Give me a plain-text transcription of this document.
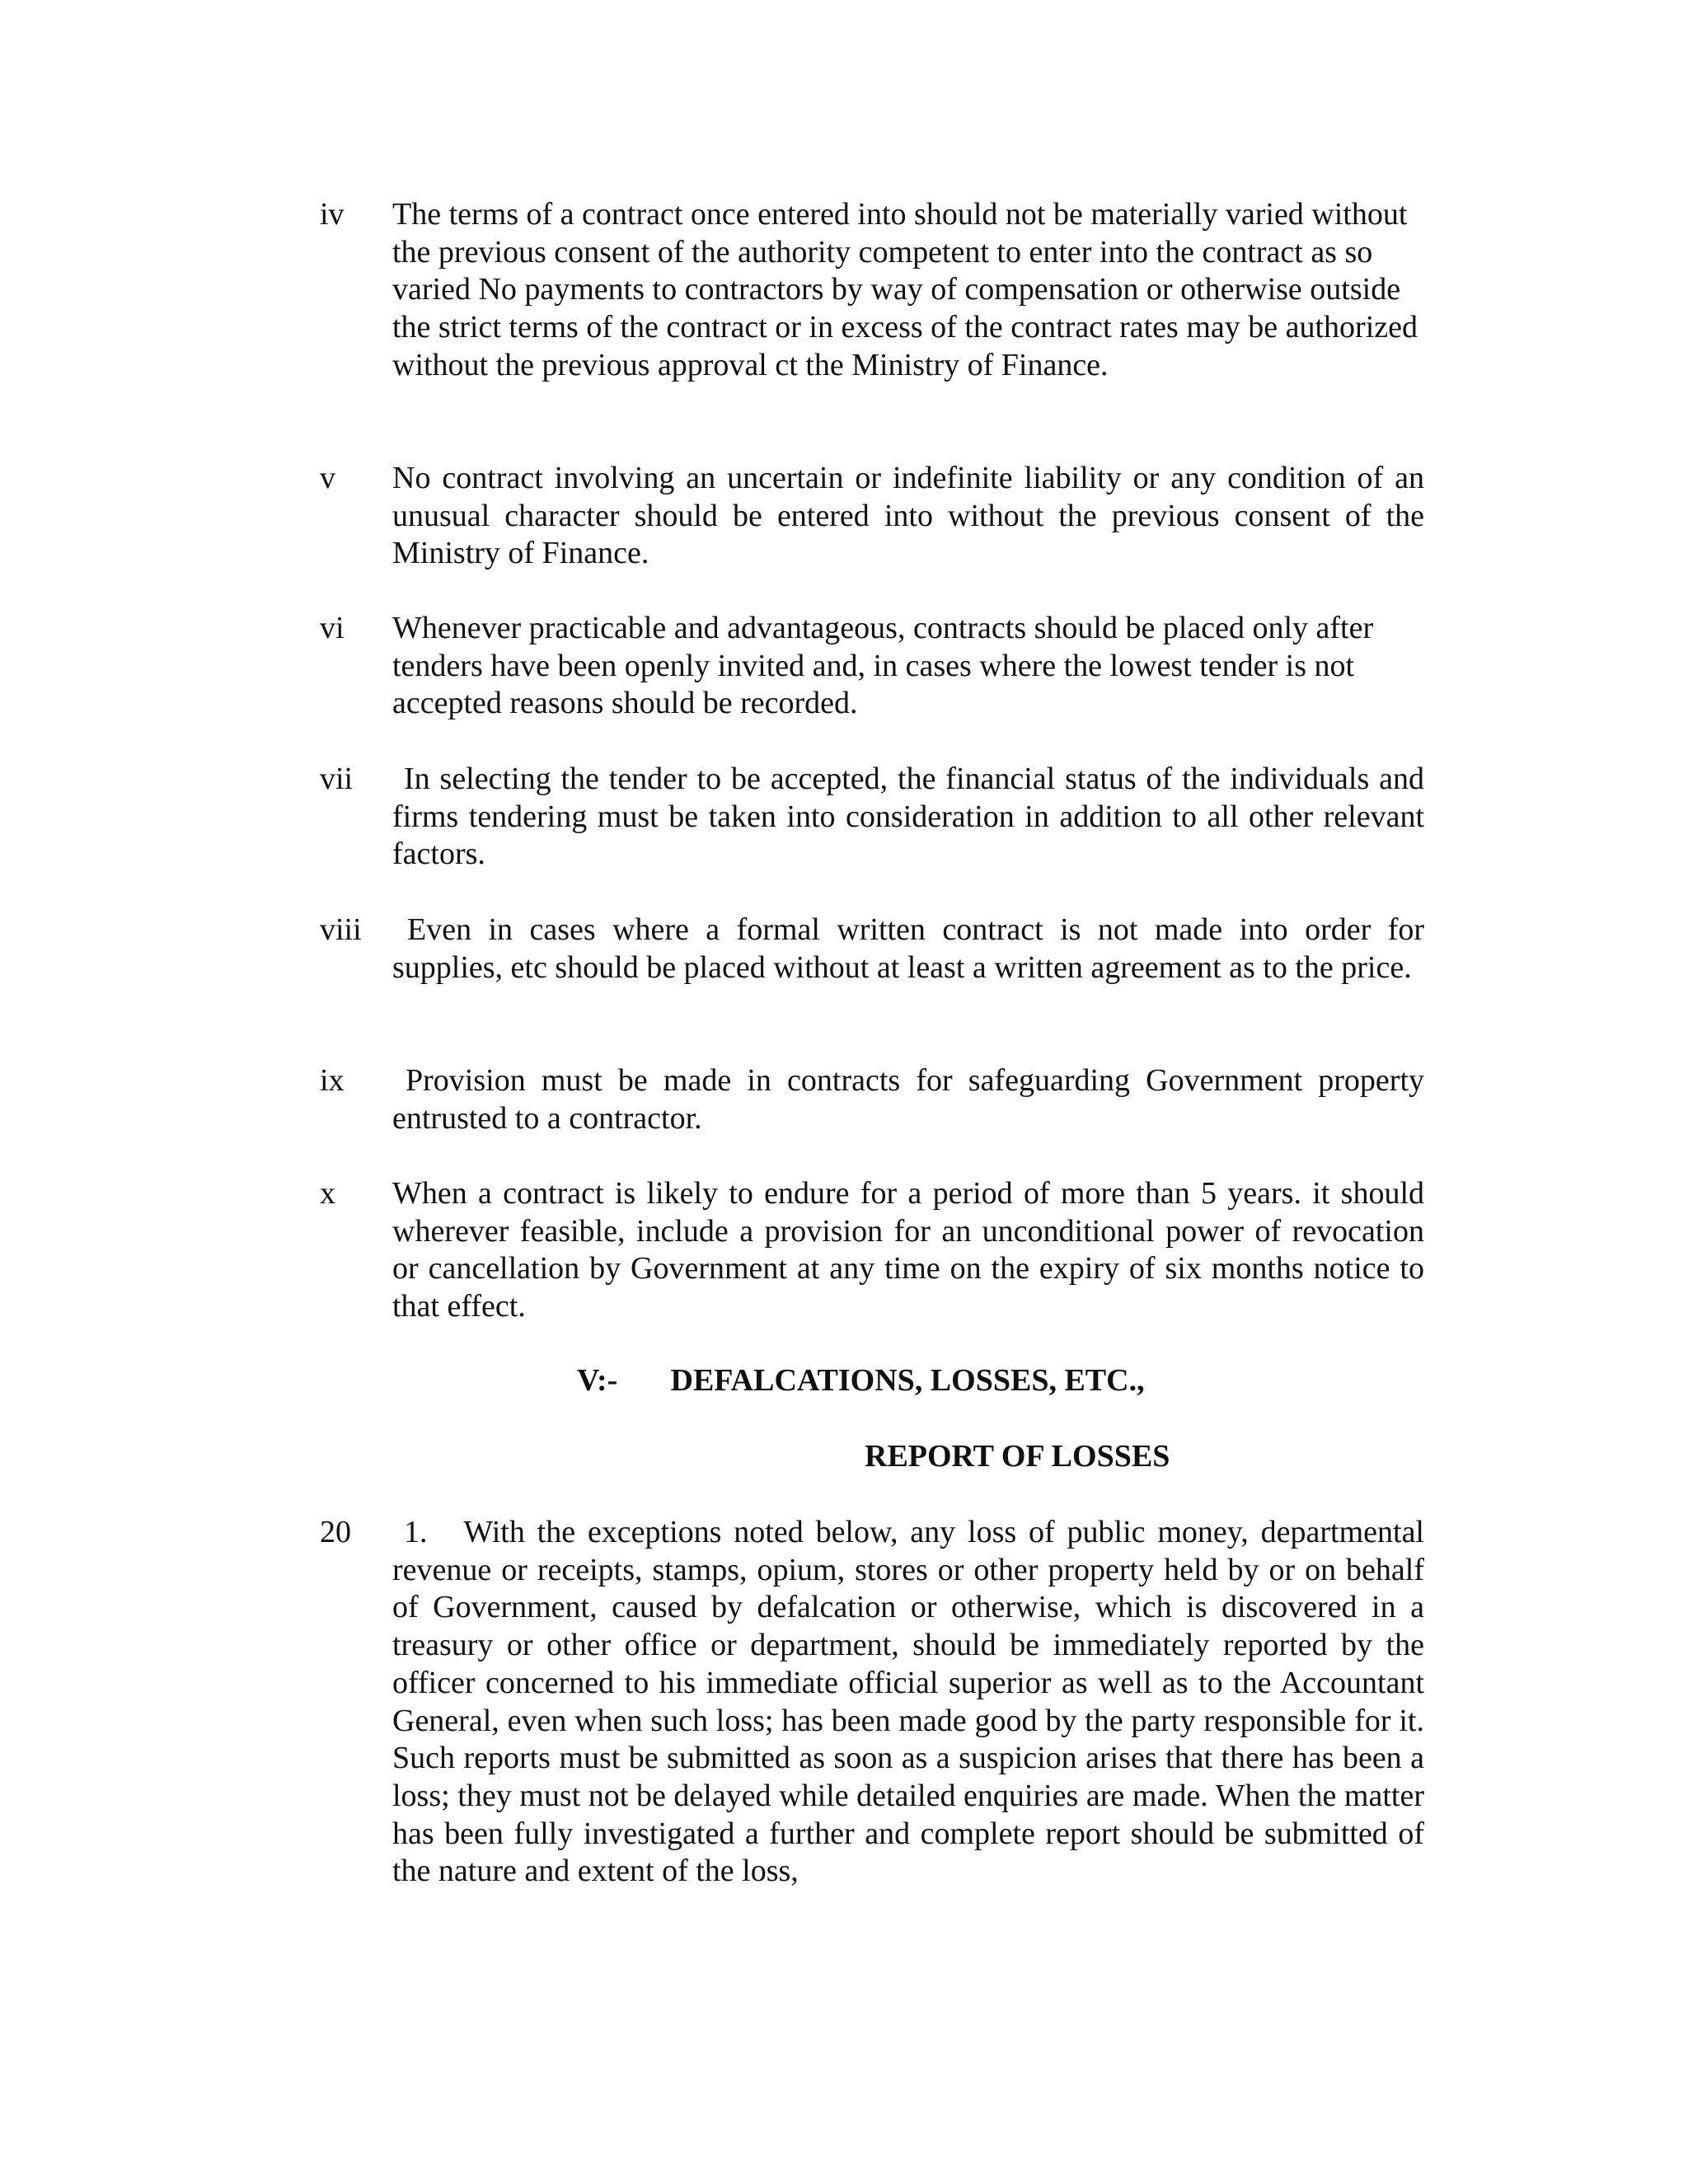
iv	The terms of a contract once entered into should not be materially varied without the previous consent of the authority competent to enter into the contract as so varied No payments to contractors by way of compensation or otherwise outside the strict terms of the contract or in excess of the contract rates may be authorized without the previous approval ct the Ministry of Finance.
v	No contract involving an uncertain or indefinite liability or any condition of an unusual character should be entered into without the previous consent of the Ministry of Finance.
vi	Whenever practicable and advantageous, contracts should be placed only after tenders have been openly invited and, in cases where the lowest tender is not accepted reasons should be recorded.
vii	In selecting the tender to be accepted, the financial status of the individuals and firms tendering must be taken into consideration in addition to all other relevant factors.
viii	Even in cases where a formal written contract is not made into order for supplies, etc should be placed without at least a written agreement as to the price.
ix	Provision must be made in contracts for safeguarding Government property entrusted to a contractor.
x	When a contract is likely to endure for a period of more than 5 years. it should wherever feasible, include a provision for an unconditional power of revocation or cancellation by Government at any time on the expiry of six months notice to that effect.
V:- DEFALCATIONS, LOSSES, ETC.,
REPORT OF LOSSES
20	1.   With the exceptions noted below, any loss of public money, departmental revenue or receipts, stamps, opium, stores or other property held by or on behalf of Government, caused by defalcation or otherwise, which is discovered in a treasury or other office or department, should be immediately reported by the officer concerned to his immediate official superior as well as to the Accountant General, even when such loss; has been made good by the party responsible for it. Such reports must be submitted as soon as a suspicion arises that there has been a loss; they must not be delayed while detailed enquiries are made. When the matter has been fully investigated a further and complete report should be submitted of the nature and extent of the loss,
